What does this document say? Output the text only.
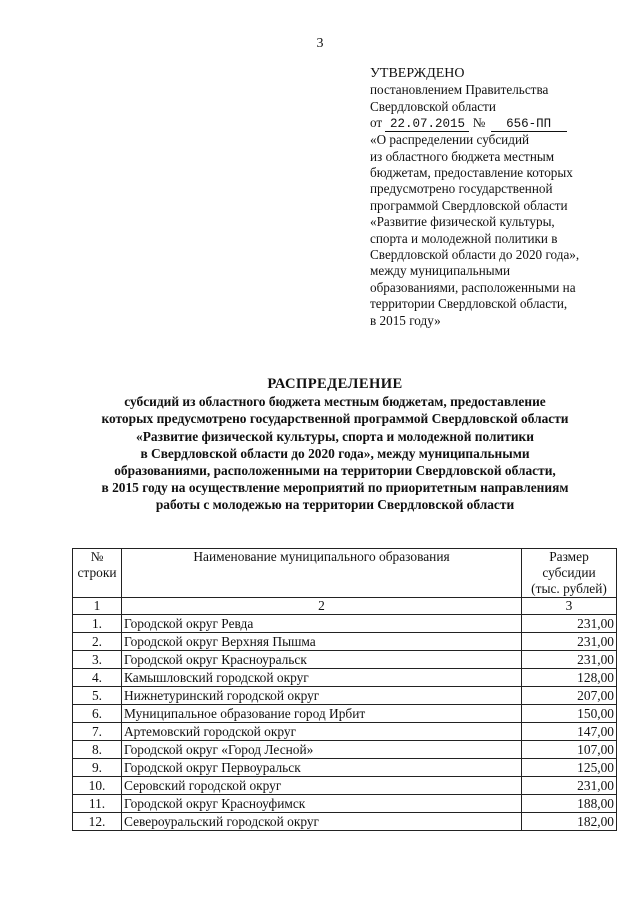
3
УТВЕРЖДЕНО
постановлением Правительства
Свердловской области
от 22.07.2015 № 656-ПП
«О распределении субсидий
из областного бюджета местным
бюджетам, предоставление которых
предусмотрено государственной
программой Свердловской области
«Развитие физической культуры,
спорта и молодежной политики в
Свердловской области до 2020 года»,
между муниципальными
образованиями, расположенными на
территории Свердловской области,
в 2015 году»
РАСПРЕДЕЛЕНИЕ
субсидий из областного бюджета местным бюджетам, предоставление
которых предусмотрено государственной программой Свердловской области
«Развитие физической культуры, спорта и молодежной политики
в Свердловской области до 2020 года», между муниципальными
образованиями, расположенными на территории Свердловской области,
в 2015 году на осуществление мероприятий по приоритетным направлениям
работы с молодежью на территории Свердловской области
№
строки	Наименование муниципального образования	Размер
субсидии
(тыс. рублей)
1	2	3
1.	Городской округ Ревда	231,00
2.	Городской округ Верхняя Пышма	231,00
3.	Городской округ Красноуральск	231,00
4.	Камышловский городской округ	128,00
5.	Нижнетуринский городской округ	207,00
6.	Муниципальное образование город Ирбит	150,00
7.	Артемовский городской округ	147,00
8.	Городской округ «Город Лесной»	107,00
9.	Городской округ Первоуральск	125,00
10.	Серовский городской округ	231,00
11.	Городской округ Красноуфимск	188,00
12.	Североуральский городской округ	182,00
